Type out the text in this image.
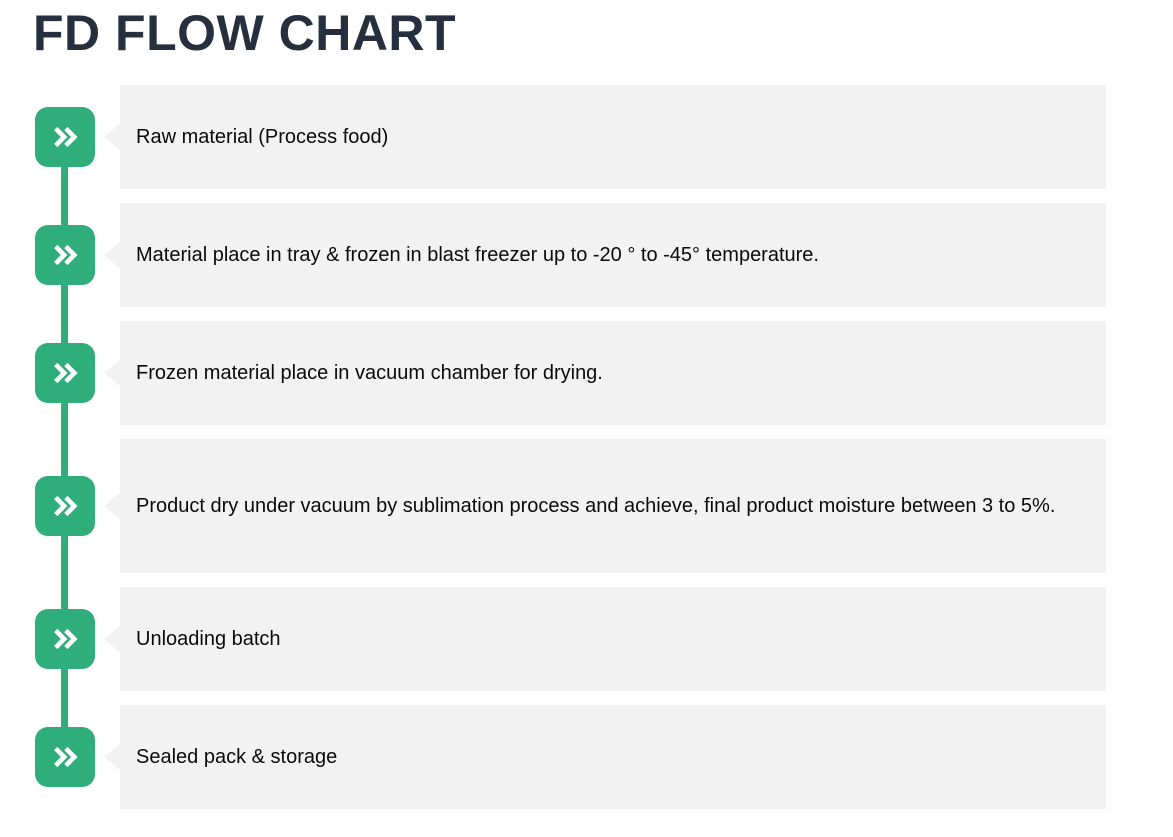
FD FLOW CHART
Raw material (Process food)
Material place in tray & frozen in blast freezer up to -20 ° to -45° temperature.
Frozen material place in vacuum chamber for drying.
Product dry under vacuum by sublimation process and achieve, final product moisture between 3 to 5%.
Unloading batch
Sealed pack & storage
